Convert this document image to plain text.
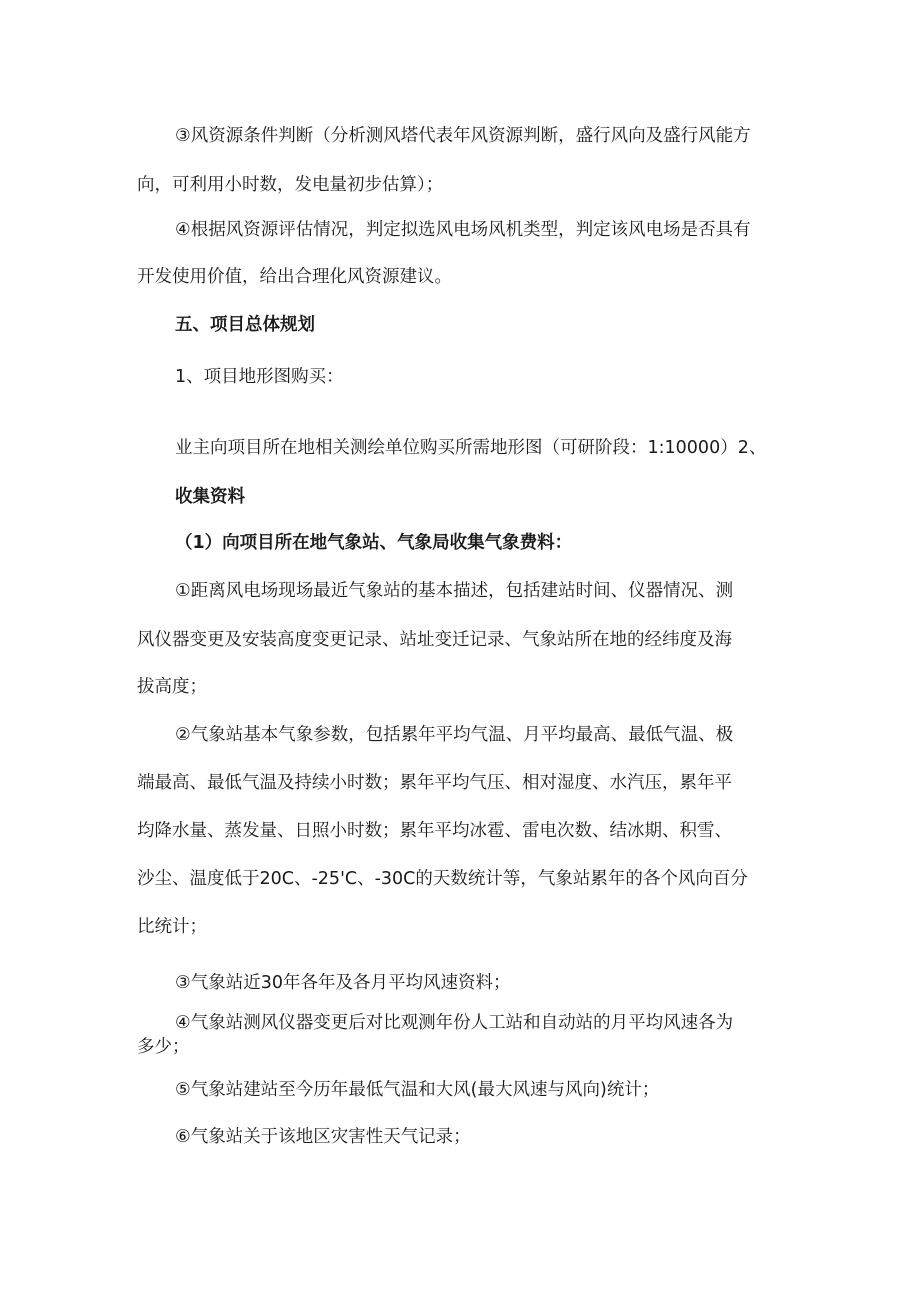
③风资源条件判断（分析测风塔代表年风资源判断，盛行风向及盛行风能方
向，可利用小时数，发电量初步估算）；
④根据风资源评估情况，判定拟选风电场风机类型，判定该风电场是否具有
开发使用价值，给出合理化风资源建议。
五、项目总体规划
1、项目地形图购买：
业主向项目所在地相关测绘单位购买所需地形图（可研阶段：1:10000）2、
收集资料
（1）向项目所在地气象站、气象局收集气象费料：
①距离风电场现场最近气象站的基本描述，包括建站时间、仪器情况、测
风仪器变更及安装高度变更记录、站址变迁记录、气象站所在地的经纬度及海
拔高度；
②气象站基本气象参数，包括累年平均气温、月平均最高、最低气温、极
端最高、最低气温及持续小时数；累年平均气压、相对湿度、水汽压，累年平
均降水量、蒸发量、日照小时数；累年平均冰雹、雷电次数、结冰期、积雪、
沙尘、温度低于20C、-25'C、-30C的天数统计等，气象站累年的各个风向百分
比统计；
③气象站近30年各年及各月平均风速资料；
④气象站测风仪器变更后对比观测年份人工站和自动站的月平均风速各为
多少；
⑤气象站建站至今历年最低气温和大风(最大风速与风向)统计；
⑥气象站关于该地区灾害性天气记录；
